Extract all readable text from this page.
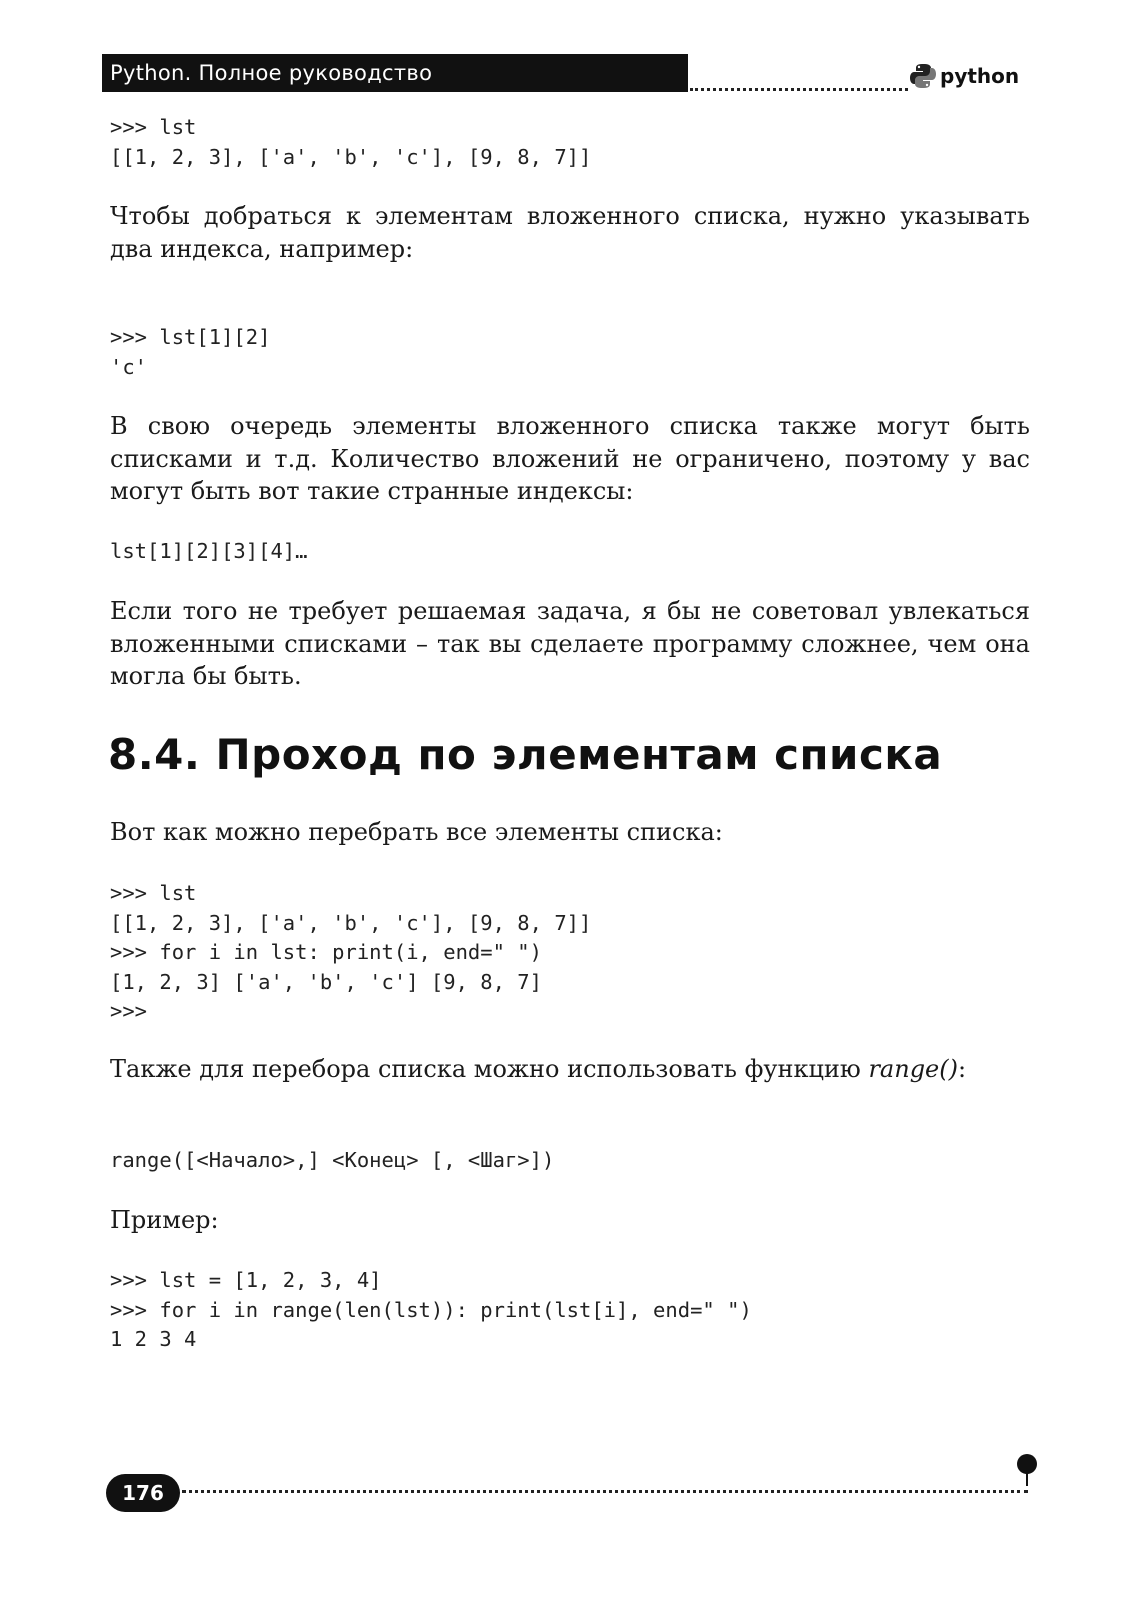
Python. Полное руководство	python
>>> lst
[[1, 2, 3], ['a', 'b', 'c'], [9, 8, 7]]

Чтобы добраться к элементам вложенного списка, нужно указывать два индекса, например:

>>> lst[1][2]
'c'

В свою очередь элементы вложенного списка также могут быть списками и т.д. Количество вложений не ограничено, поэтому у вас могут быть вот такие странные индексы:

lst[1][2][3][4]…

Если того не требует решаемая задача, я бы не советовал увлекаться вложенными списками – так вы сделаете программу сложнее, чем она могла бы быть.

8.4. Проход по элементам списка

Вот как можно перебрать все элементы списка:

>>> lst
[[1, 2, 3], ['a', 'b', 'c'], [9, 8, 7]]
>>> for i in lst: print(i, end=" ")
[1, 2, 3] ['a', 'b', 'c'] [9, 8, 7]
>>>

Также для перебора списка можно использовать функцию range():

range([<Начало>,] <Конец> [, <Шаг>])

Пример:

>>> lst = [1, 2, 3, 4]
>>> for i in range(len(lst)): print(lst[i], end=" ")
1 2 3 4
176
